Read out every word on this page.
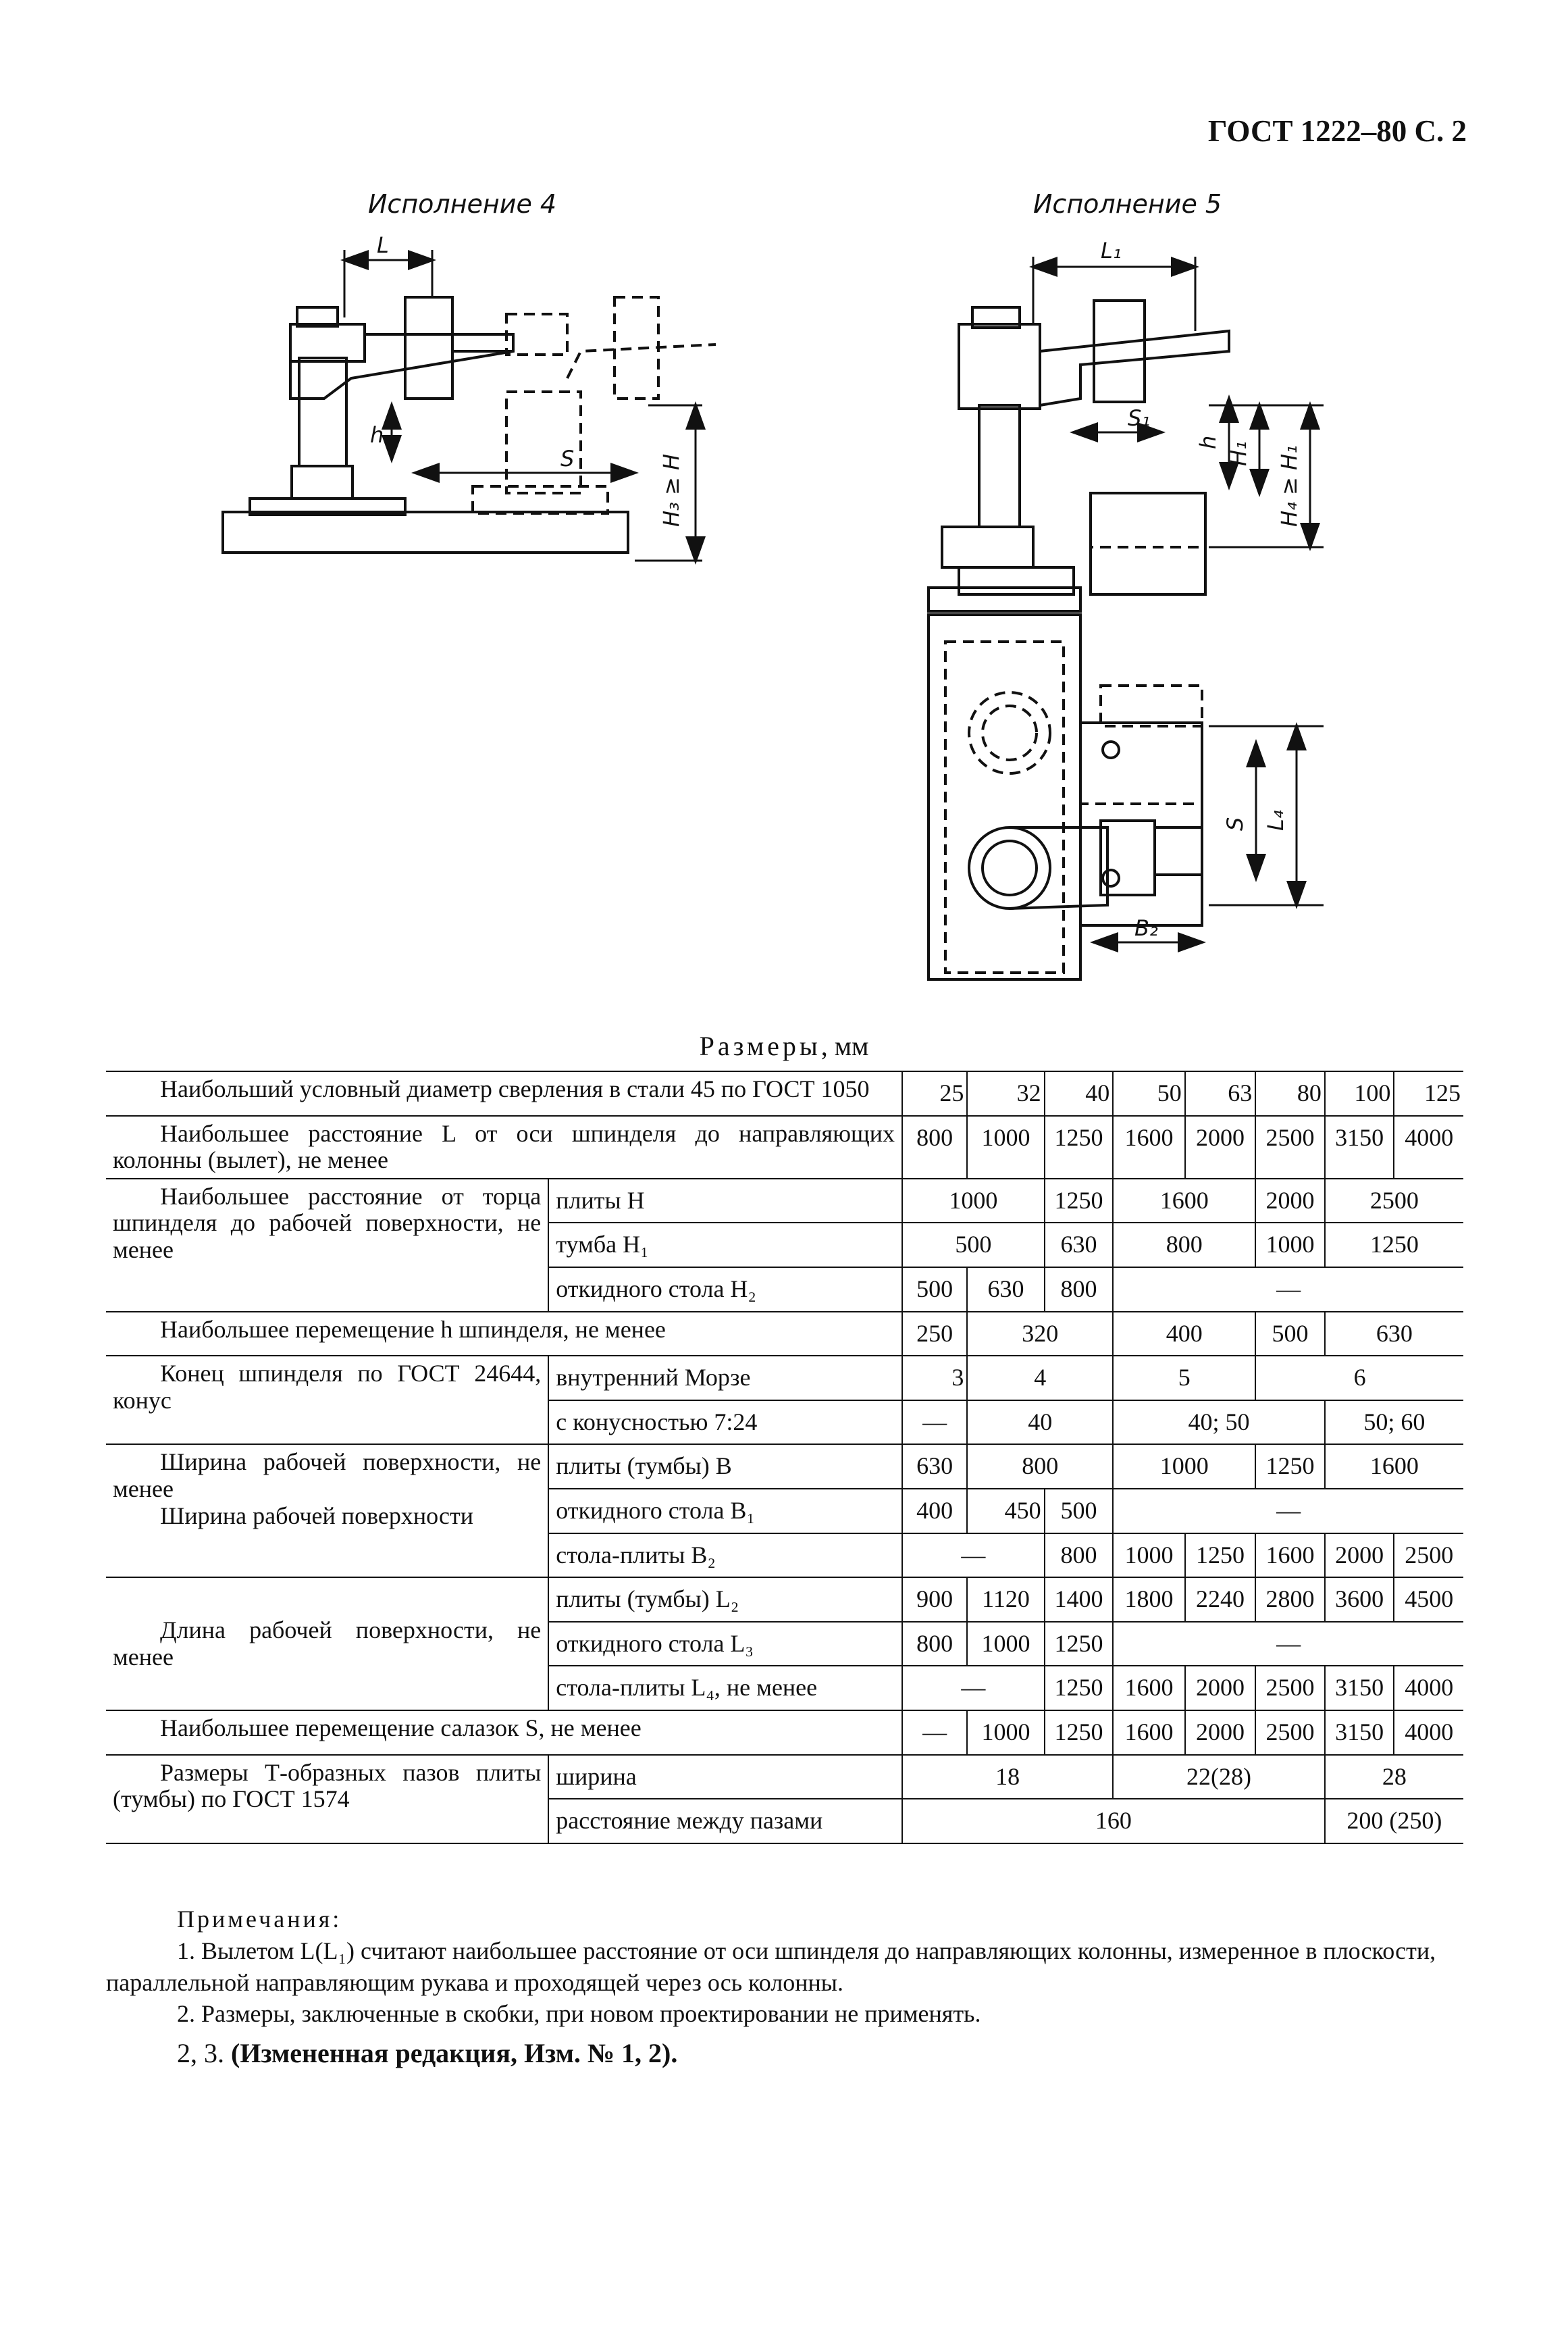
ГОСТ 1222–80 С. 2
Исполнение 4	Исполнение 5
L
h
S	H₃ ≥ H
L₁
S₁
h H₁ H₄ ≥ H₁
S L₄
B₂
Размеры, мм
Наибольший условный диаметр сверления в стали 45 по ГОСТ 1050		25	32	40	50	63	80	100	125
Наибольшее расстояние L от оси шпинделя до направляющих колонны (вылет), не менее		800	1000	1250	1600	2000	2500	3150	4000
Наибольшее расстояние от торца шпинделя до рабочей поверхности, не менее	плиты H	1000		1250	1600		2000	2500	
	тумба H₁	500		630	800		1000	1250	
	откидного стола H₂	500	630	800	—				
Наибольшее перемещение h шпинделя, не менее		250	320		400		500	630	
Конец шпинделя по ГОСТ 24644, конус	внутренний Морзе	3	4		5		6		
	с конусностью 7:24	—	40		40; 50			50; 60	

Ширина рабочей поверхности, не менее
Ширина рабочей поверхности	плиты (тумбы) B	630	800		1000		1250	1600	
	откидного стола B₁	400	450	500	—				
	стола-плиты B₂	—		800	1000	1250	1600	2000	2500
Длина рабочей поверхности, не менее	плиты (тумбы) L₂	900	1120	1400	1800	2240	2800	3600	4500
	откидного стола L₃	800	1000	1250	—				
	стола-плиты L₄, не менее	—		1250	1600	2000	2500	3150	4000
Наибольшее перемещение салазок S, не менее		—	1000	1250	1600	2000	2500	3150	4000
Размеры Т-образных пазов плиты (тумбы) по ГОСТ 1574	ширина	18			22(28)			28	
	расстояние между пазами	160						200 (250)	
Примечания:

1. Вылетом L(L₁) считают наибольшее расстояние от оси шпинделя до направляющих колонны, измеренное в плоскости, параллельной направляющим рукава и проходящей через ось колонны.

2. Размеры, заключенные в скобки, при новом проектировании не применять.

2, 3. (Измененная редакция, Изм. № 1, 2).
